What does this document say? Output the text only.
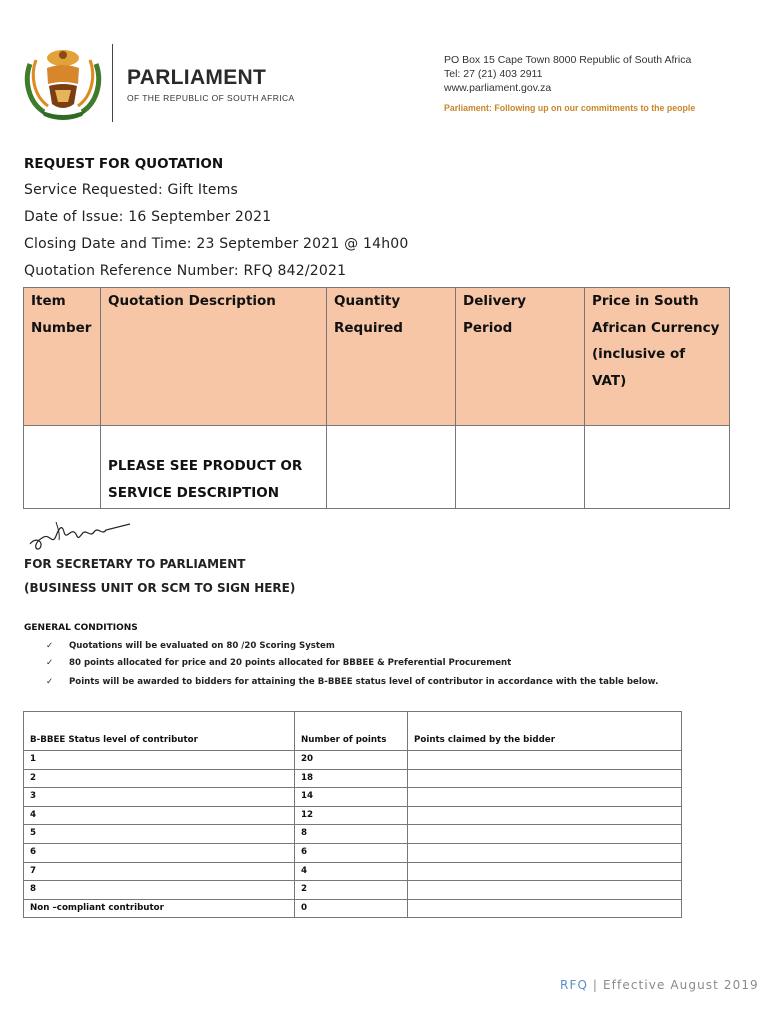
PARLIAMENT
OF THE REPUBLIC OF SOUTH AFRICA
PO Box 15 Cape Town 8000 Republic of South Africa
Tel: 27 (21) 403 2911
www.parliament.gov.za
Parliament: Following up on our commitments to the people
REQUEST FOR QUOTATION
Service Requested: Gift Items
Date of Issue: 16 September 2021
Closing Date and Time: 23 September 2021 @ 14h00
Quotation Reference Number: RFQ 842/2021
Item Number	Quotation Description	Quantity Required	Delivery Period	Price in South African Currency (inclusive of VAT)
	PLEASE SEE PRODUCT OR SERVICE DESCRIPTION			
FOR SECRETARY TO PARLIAMENT
(BUSINESS UNIT OR SCM TO SIGN HERE)
GENERAL CONDITIONS
✓ Quotations will be evaluated on 80 /20 Scoring System
✓ 80 points allocated for price and 20 points allocated for BBBEE & Preferential Procurement
✓ Points will be awarded to bidders for attaining the B-BBEE status level of contributor in accordance with the table below.
B-BBEE Status level of contributor	Number of points	Points claimed by the bidder
1	20	
2	18	
3	14	
4	12	
5	8	
6	6	
7	4	
8	2	
Non –compliant contributor	0	
RFQ | Effective August 2019
